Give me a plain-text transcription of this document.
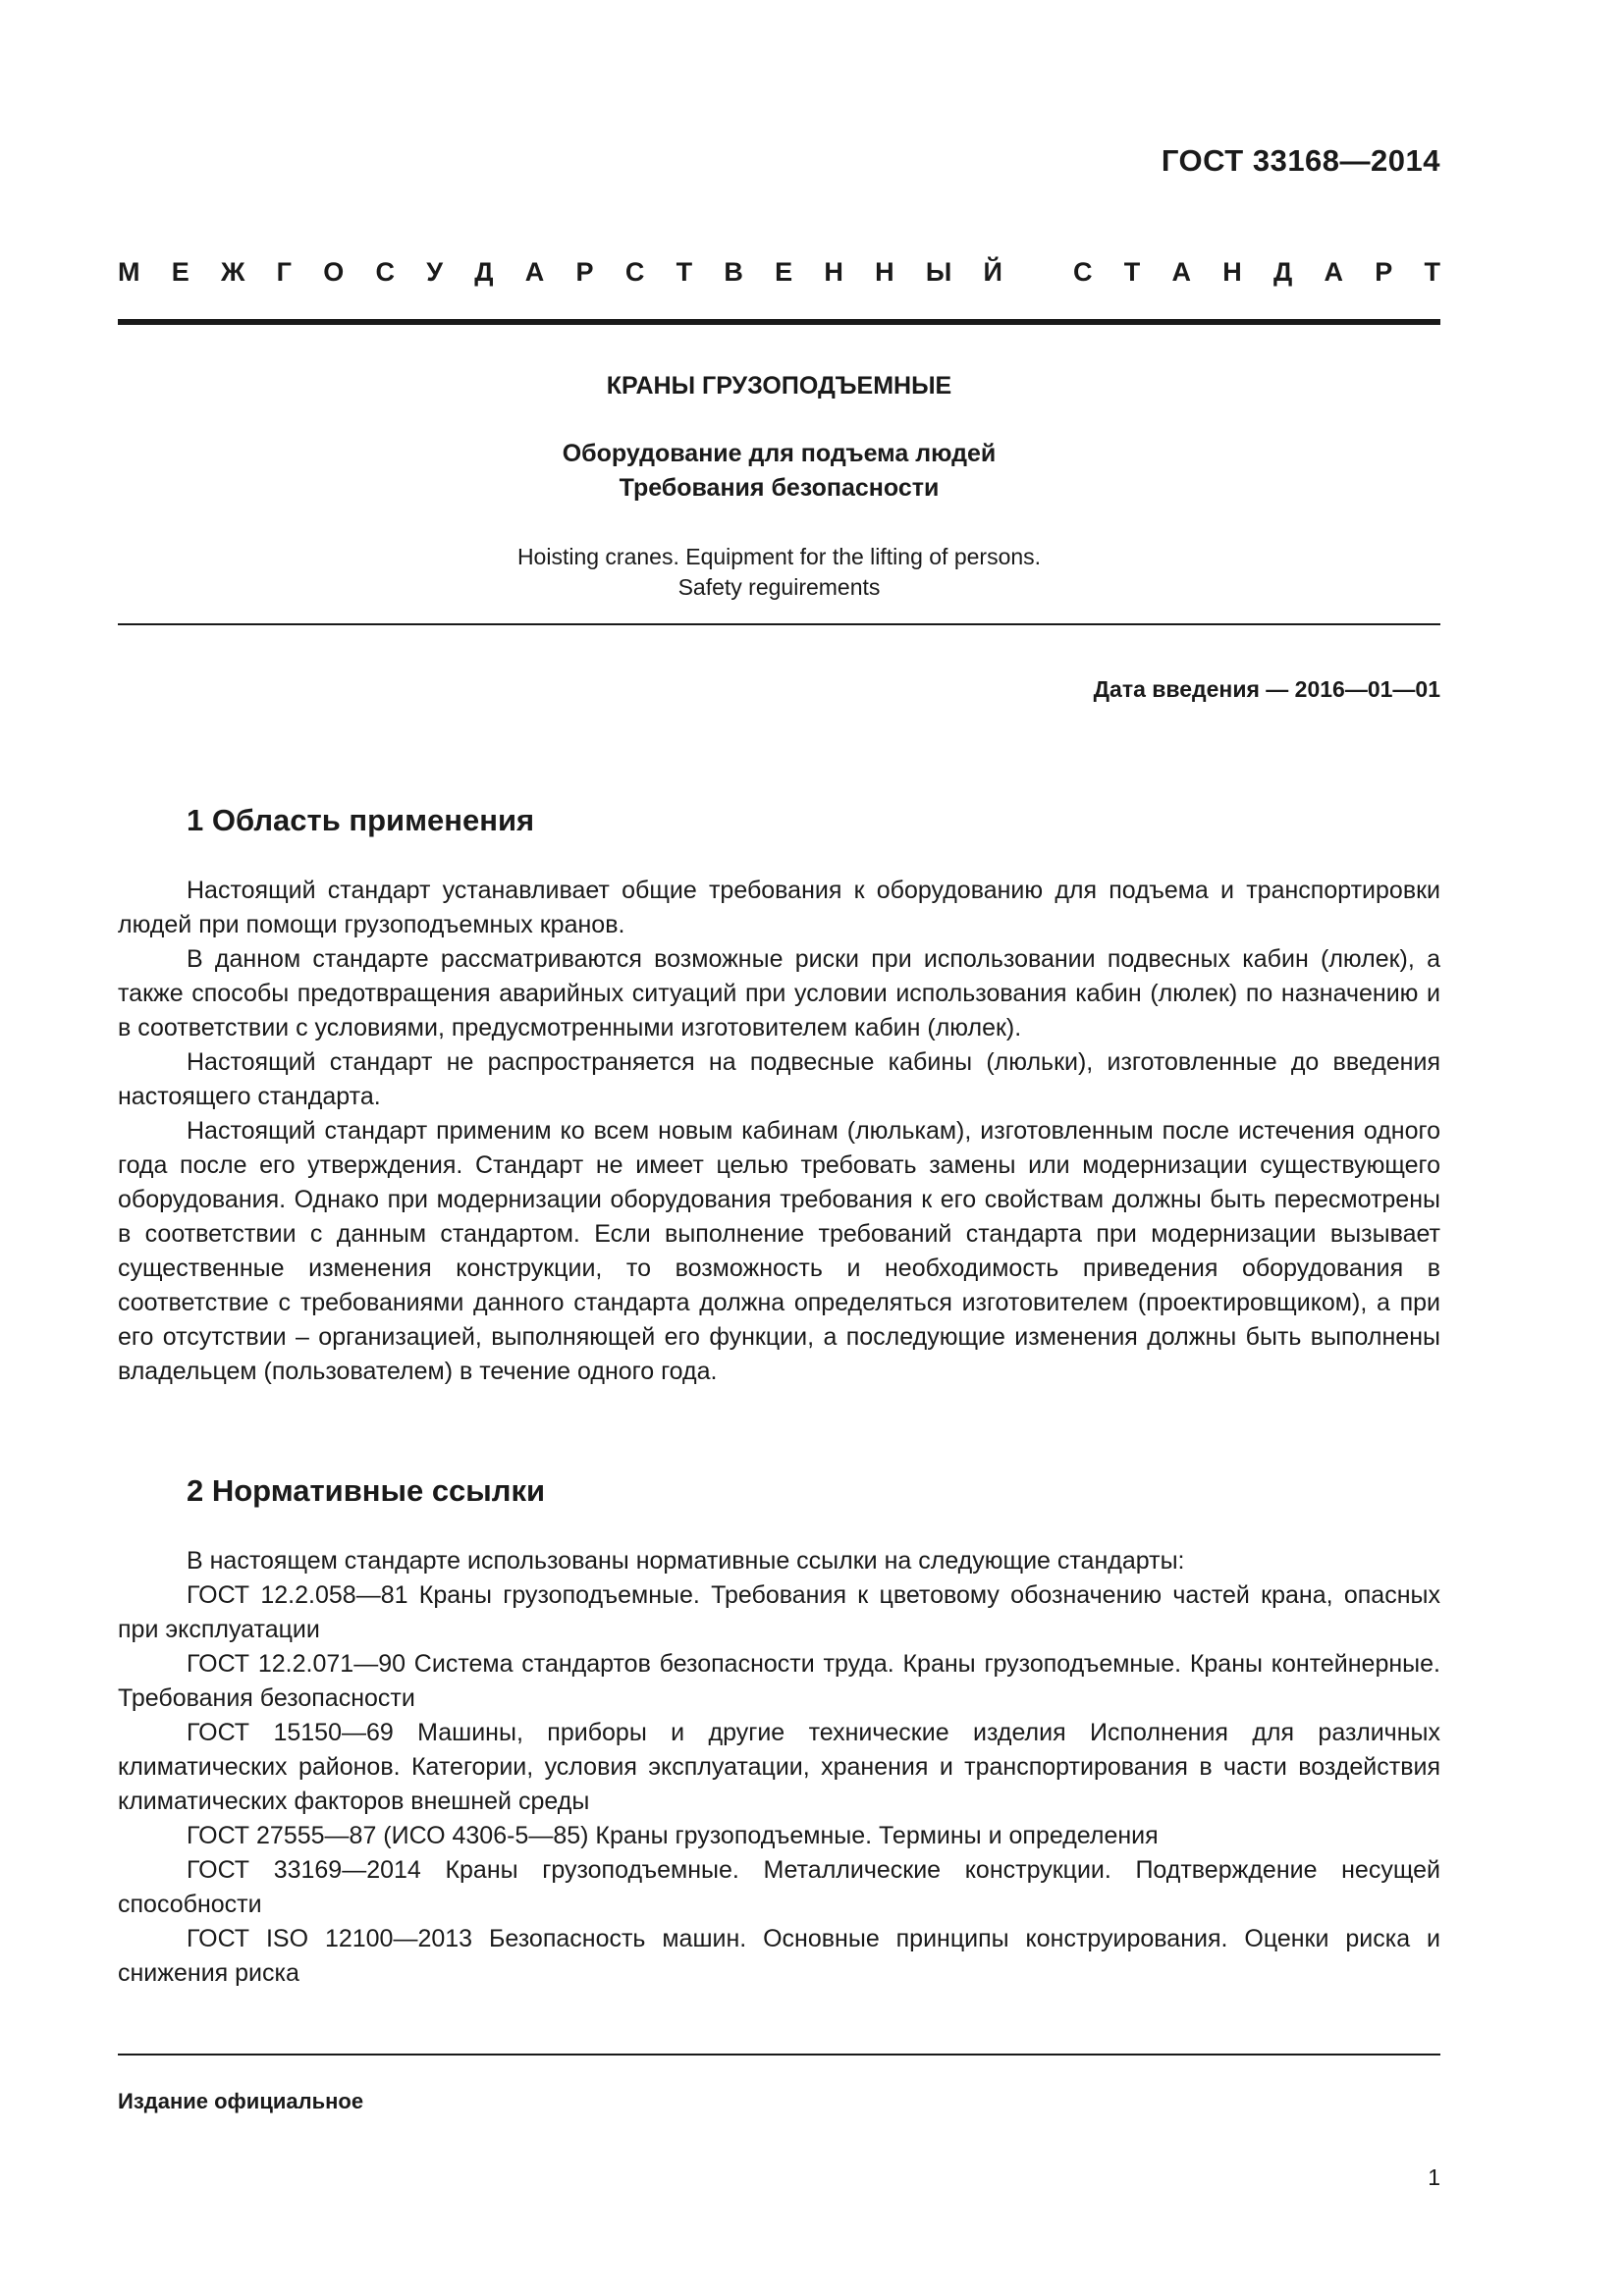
ГОСТ 33168—2014
М Е Ж Г О С У Д А Р С Т В Е Н Н Ы Й
	С Т А Н Д А Р Т
КРАНЫ ГРУЗОПОДЪЕМНЫЕ
Оборудование для подъема людей
Требования безопасности
Hoisting cranes. Equipment for the lifting of persons.
Safety reguirements
Дата введения — 2016—01—01
1 Область применения

Настоящий стандарт устанавливает общие требования к оборудованию для подъема и транспортировки людей при помощи грузоподъемных кранов.

В данном стандарте рассматриваются возможные риски при использовании подвесных кабин (люлек), а также способы предотвращения аварийных ситуаций при условии использования кабин (люлек) по назначению и в соответствии с условиями, предусмотренными изготовителем кабин (люлек).

Настоящий стандарт не распространяется на подвесные кабины (люльки), изготовленные до введения настоящего стандарта.

Настоящий стандарт применим ко всем новым кабинам (люлькам), изготовленным после истечения одного года после его утверждения. Стандарт не имеет целью требовать замены или модернизации существующего оборудования. Однако при модернизации оборудования требования к его свойствам должны быть пересмотрены в соответствии с данным стандартом. Если выполнение требований стандарта при модернизации вызывает существенные изменения конструкции, то возможность и необходимость приведения оборудования в соответствие с требованиями данного стандарта должна определяться изготовителем (проектировщиком), а при его отсутствии – организацией, выполняющей его функции, а последующие изменения должны быть выполнены владельцем (пользователем) в течение одного года.

2 Нормативные ссылки

В настоящем стандарте использованы нормативные ссылки на следующие стандарты:

ГОСТ 12.2.058—81 Краны грузоподъемные. Требования к цветовому обозначению частей крана, опасных при эксплуатации

ГОСТ 12.2.071—90 Система стандартов безопасности труда. Краны грузоподъемные. Краны контейнерные. Требования безопасности

ГОСТ 15150—69 Машины, приборы и другие технические изделия Исполнения для различных климатических районов. Категории, условия эксплуатации, хранения и транспортирования в части воздействия климатических факторов внешней среды

ГОСТ 27555—87 (ИСО 4306-5—85) Краны грузоподъемные. Термины и определения

ГОСТ 33169—2014 Краны грузоподъемные. Металлические конструкции. Подтверждение несущей способности

ГОСТ ISO 12100—2013 Безопасность машин. Основные принципы конструирования. Оценки риска и снижения риска

Издание официальное
1
